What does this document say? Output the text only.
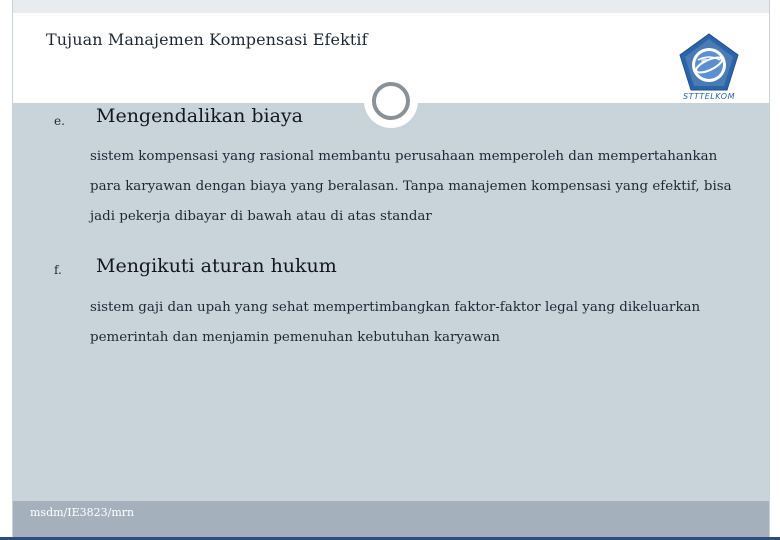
Tujuan Manajemen Kompensasi Efektif
STTTELKOM
e. Mengendalikan biaya
sistem kompensasi yang rasional membantu perusahaan memperoleh dan mempertahankan para karyawan dengan biaya yang beralasan. Tanpa manajemen kompensasi yang efektif, bisa jadi pekerja dibayar di bawah atau di atas standar
f. Mengikuti aturan hukum
sistem gaji dan upah yang sehat mempertimbangkan faktor-faktor legal yang dikeluarkan pemerintah dan menjamin pemenuhan kebutuhan karyawan
msdm/IE3823/mrn
